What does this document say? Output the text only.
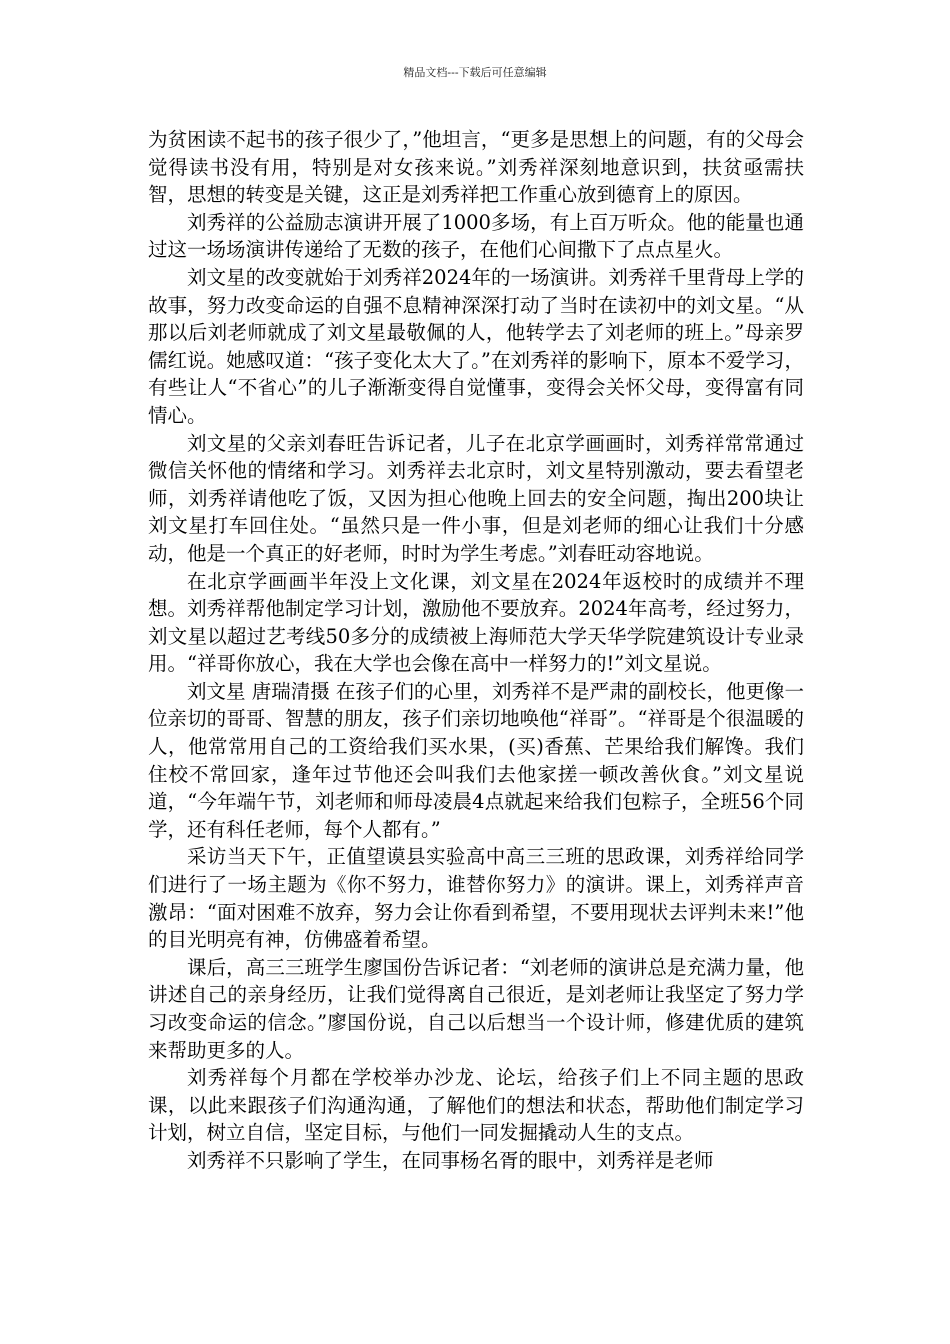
精品文档---下载后可任意编辑

为贫困读不起书的孩子很少了，”他坦言，“更多是思想上的问题，有的父母会觉得读书没有用，特别是对女孩来说。”刘秀祥深刻地意识到，扶贫亟需扶智，思想的转变是关键，这正是刘秀祥把工作重心放到德育上的原因。

刘秀祥的公益励志演讲开展了1000多场，有上百万听众。他的能量也通过这一场场演讲传递给了无数的孩子，在他们心间撒下了点点星火。

刘文星的改变就始于刘秀祥2024年的一场演讲。刘秀祥千里背母上学的故事，努力改变命运的自强不息精神深深打动了当时在读初中的刘文星。“从那以后刘老师就成了刘文星最敬佩的人，他转学去了刘老师的班上。”母亲罗儒红说。她感叹道：“孩子变化太大了。”在刘秀祥的影响下，原本不爱学习，有些让人“不省心”的儿子渐渐变得自觉懂事，变得会关怀父母，变得富有同情心。

刘文星的父亲刘春旺告诉记者，儿子在北京学画画时，刘秀祥常常通过微信关怀他的情绪和学习。刘秀祥去北京时，刘文星特别激动，要去看望老师，刘秀祥请他吃了饭，又因为担心他晚上回去的安全问题，掏出200块让刘文星打车回住处。“虽然只是一件小事，但是刘老师的细心让我们十分感动，他是一个真正的好老师，时时为学生考虑。”刘春旺动容地说。

在北京学画画半年没上文化课，刘文星在2024年返校时的成绩并不理想。刘秀祥帮他制定学习计划，激励他不要放弃。2024年高考，经过努力，刘文星以超过艺考线50多分的成绩被上海师范大学天华学院建筑设计专业录用。“祥哥你放心，我在大学也会像在高中一样努力的!”刘文星说。

刘文星 唐瑞清摄 在孩子们的心里，刘秀祥不是严肃的副校长，他更像一位亲切的哥哥、智慧的朋友，孩子们亲切地唤他“祥哥”。“祥哥是个很温暖的人，他常常用自己的工资给我们买水果，(买)香蕉、芒果给我们解馋。我们住校不常回家，逢年过节他还会叫我们去他家搓一顿改善伙食。”刘文星说道，“今年端午节，刘老师和师母凌晨4点就起来给我们包粽子，全班56个同学，还有科任老师，每个人都有。”

采访当天下午，正值望谟县实验高中高三三班的思政课，刘秀祥给同学们进行了一场主题为《你不努力，谁替你努力》的演讲。课上，刘秀祥声音激昂：“面对困难不放弃，努力会让你看到希望，不要用现状去评判未来!”他的目光明亮有神，仿佛盛着希望。

课后，高三三班学生廖国份告诉记者：“刘老师的演讲总是充满力量，他讲述自己的亲身经历，让我们觉得离自己很近，是刘老师让我坚定了努力学习改变命运的信念。”廖国份说，自己以后想当一个设计师，修建优质的建筑来帮助更多的人。

刘秀祥每个月都在学校举办沙龙、论坛，给孩子们上不同主题的思政课，以此来跟孩子们沟通沟通，了解他们的想法和状态，帮助他们制定学习计划，树立自信，坚定目标，与他们一同发掘撬动人生的支点。

刘秀祥不只影响了学生，在同事杨名胥的眼中，刘秀祥是老师
